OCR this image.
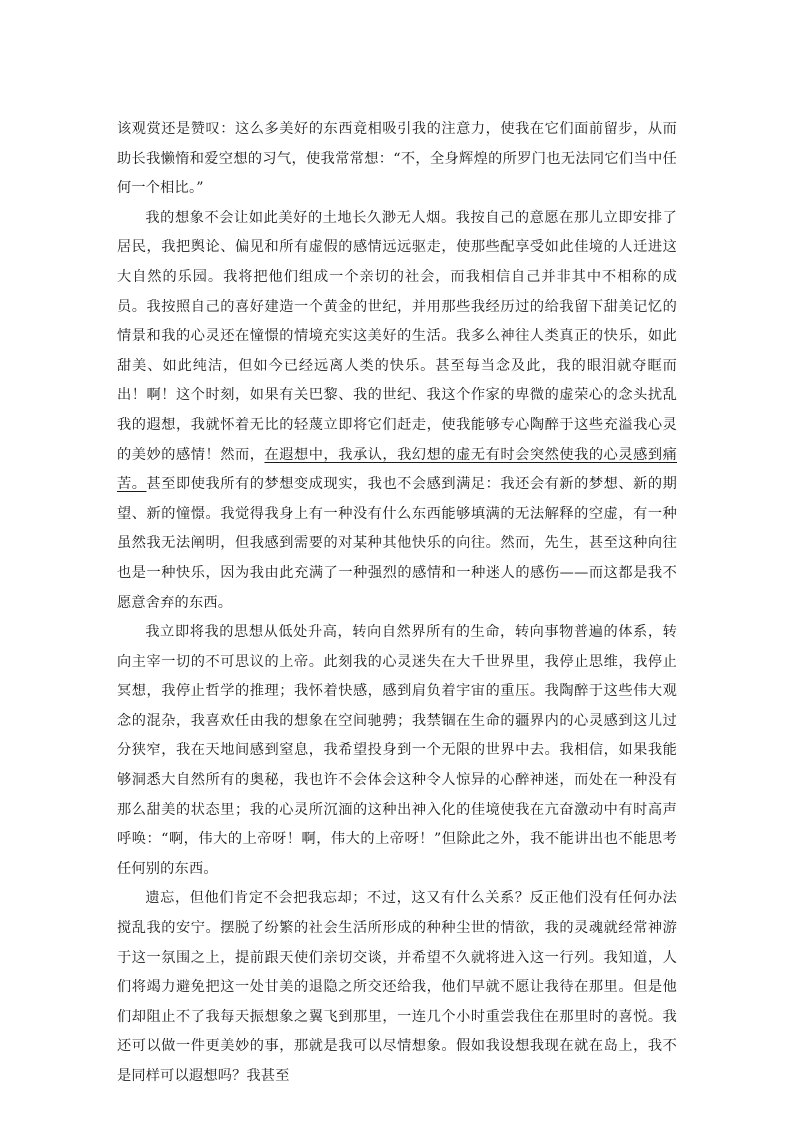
该观赏还是赞叹：这么多美好的东西竟相吸引我的注意力，使我在它们面前留步，从而助长我懒惰和爱空想的习气，使我常常想：“不，全身辉煌的所罗门也无法同它们当中任何一个相比。”

我的想象不会让如此美好的土地长久渺无人烟。我按自己的意愿在那儿立即安排了居民，我把舆论、偏见和所有虚假的感情远远驱走，使那些配享受如此佳境的人迁进这大自然的乐园。我将把他们组成一个亲切的社会，而我相信自己并非其中不相称的成员。我按照自己的喜好建造一个黄金的世纪，并用那些我经历过的给我留下甜美记忆的情景和我的心灵还在憧憬的情境充实这美好的生活。我多么神往人类真正的快乐，如此甜美、如此纯洁，但如今已经远离人类的快乐。甚至每当念及此，我的眼泪就夺眶而出！啊！这个时刻，如果有关巴黎、我的世纪、我这个作家的卑微的虚荣心的念头扰乱我的遐想，我就怀着无比的轻蔑立即将它们赶走，使我能够专心陶醉于这些充溢我心灵的美妙的感情！然而，在遐想中，我承认，我幻想的虚无有时会突然使我的心灵感到痛苦。甚至即使我所有的梦想变成现实，我也不会感到满足：我还会有新的梦想、新的期望、新的憧憬。我觉得我身上有一种没有什么东西能够填满的无法解释的空虚，有一种虽然我无法阐明，但我感到需要的对某种其他快乐的向往。然而，先生，甚至这种向往也是一种快乐，因为我由此充满了一种强烈的感情和一种迷人的感伤——而这都是我不愿意舍弃的东西。

我立即将我的思想从低处升高，转向自然界所有的生命，转向事物普遍的体系，转向主宰一切的不可思议的上帝。此刻我的心灵迷失在大千世界里，我停止思维，我停止冥想，我停止哲学的推理；我怀着快感，感到肩负着宇宙的重压。我陶醉于这些伟大观念的混杂，我喜欢任由我的想象在空间驰骋；我禁锢在生命的疆界内的心灵感到这儿过分狭窄，我在天地间感到窒息，我希望投身到一个无限的世界中去。我相信，如果我能够洞悉大自然所有的奥秘，我也许不会体会这种令人惊异的心醉神迷，而处在一种没有那么甜美的状态里；我的心灵所沉湎的这种出神入化的佳境使我在亢奋激动中有时高声呼唤：“啊，伟大的上帝呀！啊，伟大的上帝呀！”但除此之外，我不能讲出也不能思考任何别的东西。

遗忘，但他们肯定不会把我忘却；不过，这又有什么关系？反正他们没有任何办法搅乱我的安宁。摆脱了纷繁的社会生活所形成的种种尘世的情欲，我的灵魂就经常神游于这一氛围之上，提前跟天使们亲切交谈，并希望不久就将进入这一行列。我知道，人们将竭力避免把这一处甘美的退隐之所交还给我，他们早就不愿让我待在那里。但是他们却阻止不了我每天振想象之翼飞到那里，一连几个小时重尝我住在那里时的喜悦。我还可以做一件更美妙的事，那就是我可以尽情想象。假如我设想我现在就在岛上，我不是同样可以遐想吗？我甚至
